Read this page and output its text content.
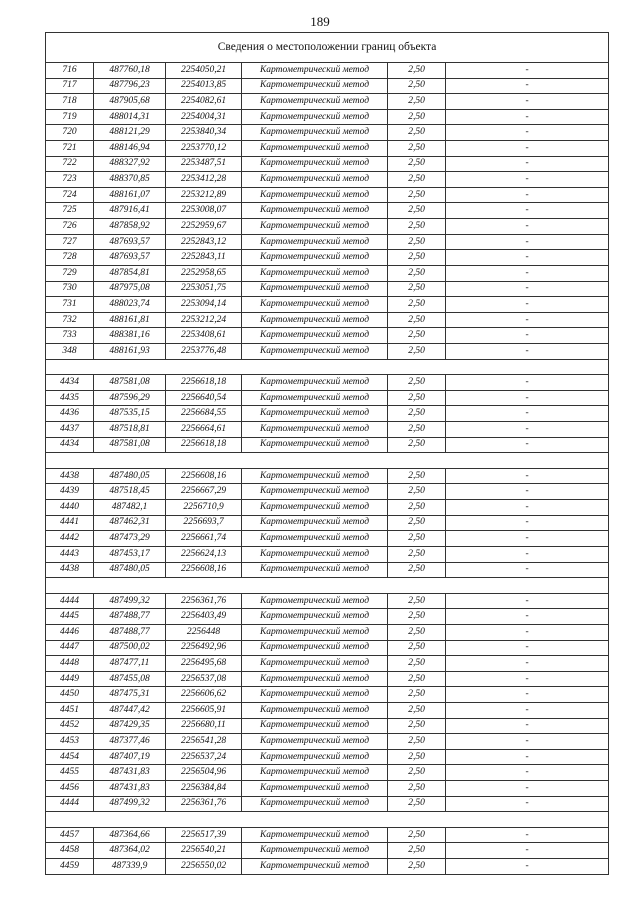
189
Сведения о местоположении границ объекта					
716	487760,18	2254050,21	Картометрический метод	2,50	-
717	487796,23	2254013,85	Картометрический метод	2,50	-
718	487905,68	2254082,61	Картометрический метод	2,50	-
719	488014,31	2254004,31	Картометрический метод	2,50	-
720	488121,29	2253840,34	Картометрический метод	2,50	-
721	488146,94	2253770,12	Картометрический метод	2,50	-
722	488327,92	2253487,51	Картометрический метод	2,50	-
723	488370,85	2253412,28	Картометрический метод	2,50	-
724	488161,07	2253212,89	Картометрический метод	2,50	-
725	487916,41	2253008,07	Картометрический метод	2,50	-
726	487858,92	2252959,67	Картометрический метод	2,50	-
727	487693,57	2252843,12	Картометрический метод	2,50	-
728	487693,57	2252843,11	Картометрический метод	2,50	-
729	487854,81	2252958,65	Картометрический метод	2,50	-
730	487975,08	2253051,75	Картометрический метод	2,50	-
731	488023,74	2253094,14	Картометрический метод	2,50	-
732	488161,81	2253212,24	Картометрический метод	2,50	-
733	488381,16	2253408,61	Картометрический метод	2,50	-
348	488161,93	2253776,48	Картометрический метод	2,50	-

4434	487581,08	2256618,18	Картометрический метод	2,50	-
4435	487596,29	2256640,54	Картометрический метод	2,50	-
4436	487535,15	2256684,55	Картометрический метод	2,50	-
4437	487518,81	2256664,61	Картометрический метод	2,50	-
4434	487581,08	2256618,18	Картометрический метод	2,50	-

4438	487480,05	2256608,16	Картометрический метод	2,50	-
4439	487518,45	2256667,29	Картометрический метод	2,50	-
4440	487482,1	2256710,9	Картометрический метод	2,50	-
4441	487462,31	2256693,7	Картометрический метод	2,50	-
4442	487473,29	2256661,74	Картометрический метод	2,50	-
4443	487453,17	2256624,13	Картометрический метод	2,50	-
4438	487480,05	2256608,16	Картометрический метод	2,50	-

4444	487499,32	2256361,76	Картометрический метод	2,50	-
4445	487488,77	2256403,49	Картометрический метод	2,50	-
4446	487488,77	2256448	Картометрический метод	2,50	-
4447	487500,02	2256492,96	Картометрический метод	2,50	-
4448	487477,11	2256495,68	Картометрический метод	2,50	-
4449	487455,08	2256537,08	Картометрический метод	2,50	-
4450	487475,31	2256606,62	Картометрический метод	2,50	-
4451	487447,42	2256605,91	Картометрический метод	2,50	-
4452	487429,35	2256680,11	Картометрический метод	2,50	-
4453	487377,46	2256541,28	Картометрический метод	2,50	-
4454	487407,19	2256537,24	Картометрический метод	2,50	-
4455	487431,83	2256504,96	Картометрический метод	2,50	-
4456	487431,83	2256384,84	Картометрический метод	2,50	-
4444	487499,32	2256361,76	Картометрический метод	2,50	-

4457	487364,66	2256517,39	Картометрический метод	2,50	-
4458	487364,02	2256540,21	Картометрический метод	2,50	-
4459	487339,9	2256550,02	Картометрический метод	2,50	-
